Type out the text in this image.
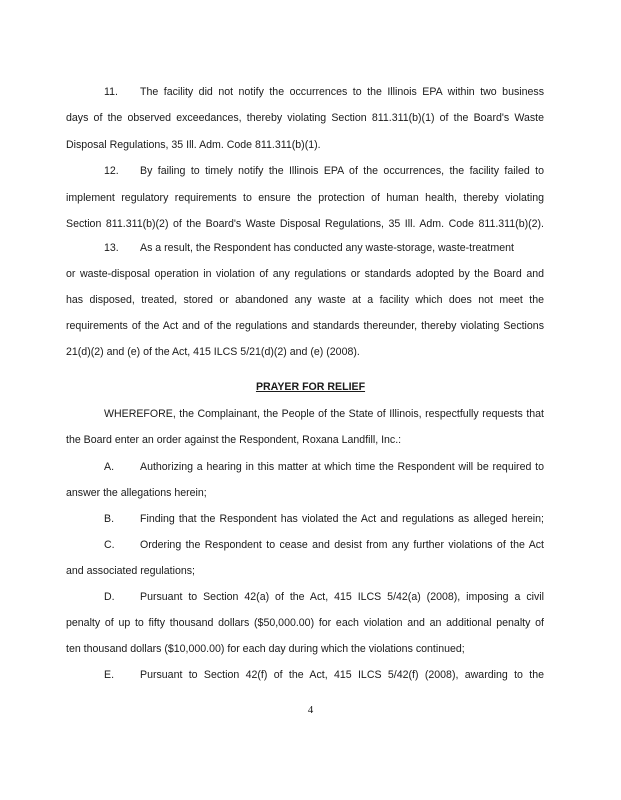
11. The facility did not notify the occurrences to the Illinois EPA within two business
days of the observed exceedances, thereby violating Section 811.311(b)(1) of the Board's Waste
Disposal Regulations, 35 Ill. Adm. Code 811.311(b)(1).
12. By failing to timely notify the Illinois EPA of the occurrences, the facility failed to
implement regulatory requirements to ensure the protection of human health, thereby violating
Section 811.311(b)(2) of the Board's Waste Disposal Regulations, 35 Ill. Adm. Code 811.311(b)(2).
13. As a result, the Respondent has conducted any waste-storage, waste-treatment
or waste-disposal operation in violation of any regulations or standards adopted by the Board and
has disposed, treated, stored or abandoned any waste at a facility which does not meet the
requirements of the Act and of the regulations and standards thereunder, thereby violating Sections
21(d)(2) and (e) of the Act, 415 ILCS 5/21(d)(2) and (e) (2008).
PRAYER FOR RELIEF
WHEREFORE, the Complainant, the People of the State of Illinois, respectfully requests that
the Board enter an order against the Respondent, Roxana Landfill, Inc.:
A. Authorizing a hearing in this matter at which time the Respondent will be required to
answer the allegations herein;
B. Finding that the Respondent has violated the Act and regulations as alleged herein;
C. Ordering the Respondent to cease and desist from any further violations of the Act
and associated regulations;
D. Pursuant to Section 42(a) of the Act, 415 ILCS 5/42(a) (2008), imposing a civil
penalty of up to fifty thousand dollars ($50,000.00) for each violation and an additional penalty of
ten thousand dollars ($10,000.00) for each day during which the violations continued;
E. Pursuant to Section 42(f) of the Act, 415 ILCS 5/42(f) (2008), awarding to the
4
